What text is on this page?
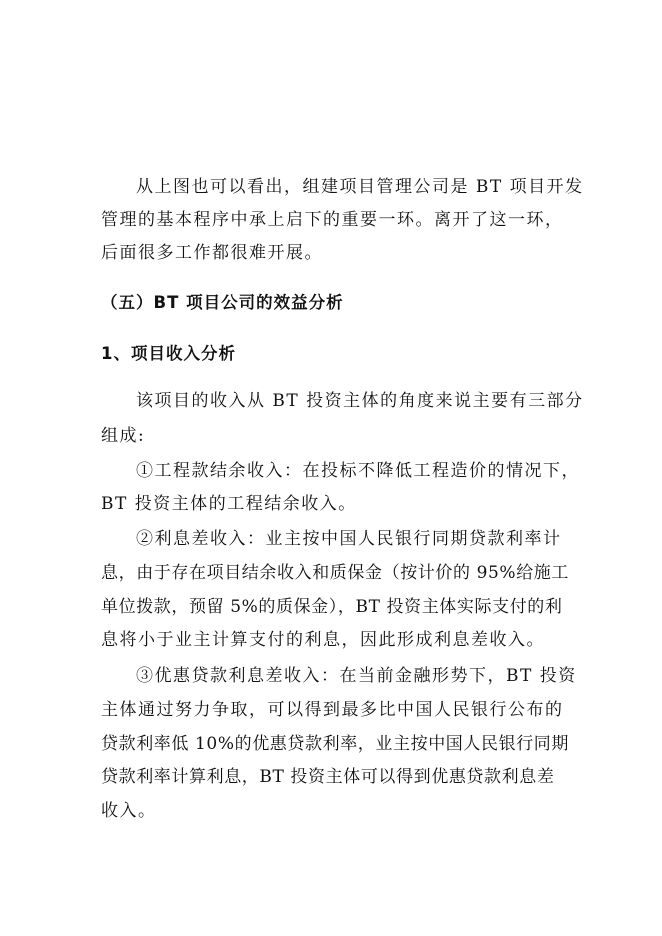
从上图也可以看出，组建项目管理公司是 BT 项目开发
管理的基本程序中承上启下的重要一环。离开了这一环，
后面很多工作都很难开展。
（五）BT 项目公司的效益分析
1、项目收入分析
该项目的收入从 BT 投资主体的角度来说主要有三部分
组成:
①工程款结余收入：在投标不降低工程造价的情况下，
BT 投资主体的工程结余收入。
②利息差收入：业主按中国人民银行同期贷款利率计
息，由于存在项目结余收入和质保金（按计价的 95%给施工
单位拨款，预留 5%的质保金），BT 投资主体实际支付的利
息将小于业主计算支付的利息，因此形成利息差收入。
③优惠贷款利息差收入：在当前金融形势下，BT 投资
主体通过努力争取，可以得到最多比中国人民银行公布的
贷款利率低 10%的优惠贷款利率，业主按中国人民银行同期
贷款利率计算利息，BT 投资主体可以得到优惠贷款利息差
收入。
